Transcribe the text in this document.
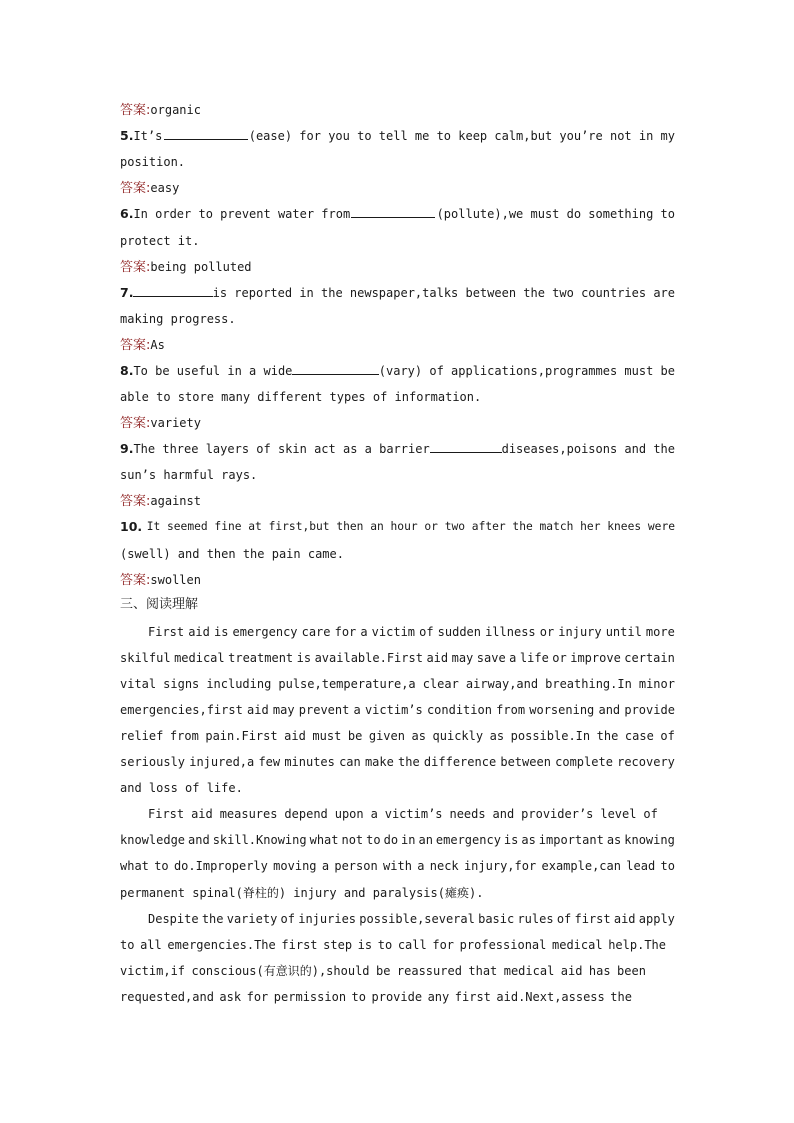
答案:organic
5.It’s	(ease) for you to tell me to keep calm,but you’re not in my
position.
答案:easy
6.In order to prevent water from	(pollute),we must do something to
protect it.
答案:being polluted
7.	is reported in the newspaper,talks between the two countries are
making progress.
答案:As
8.To be useful in a wide	(vary) of applications,programmes must be
able to store many different types of information.
答案:variety
9.The three layers of skin act as a barrier	diseases,poisons and the
sun’s harmful rays.
答案:against
10. It seemed fine at first,but then an hour or two after the match her knees were
(swell) and then the pain came.
答案:swollen
三、阅读理解
First aid is emergency care for a victim of sudden illness or injury until more
skilful medical treatment is available.First aid may save a life or improve certain
vital signs including pulse,temperature,a clear airway,and breathing.In minor
emergencies,first aid may prevent a victim’s condition from worsening and provide
relief from pain.First aid must be given as quickly as possible.In the case of
seriously injured,a few minutes can make the difference between complete recovery
and loss of life.
First aid measures depend upon a victim’s needs and provider’s level of
knowledge and skill.Knowing what not to do in an emergency is as important as knowing
what to do.Improperly moving a person with a neck injury,for example,can lead to
permanent spinal(脊柱的) injury and paralysis(瘫痪).
Despite the variety of injuries possible,several basic rules of first aid apply
to all emergencies.The first step is to call for professional medical help.The
victim,if conscious(有意识的),should be reassured that medical aid has been
requested,and ask for permission to provide any first aid.Next,assess the
